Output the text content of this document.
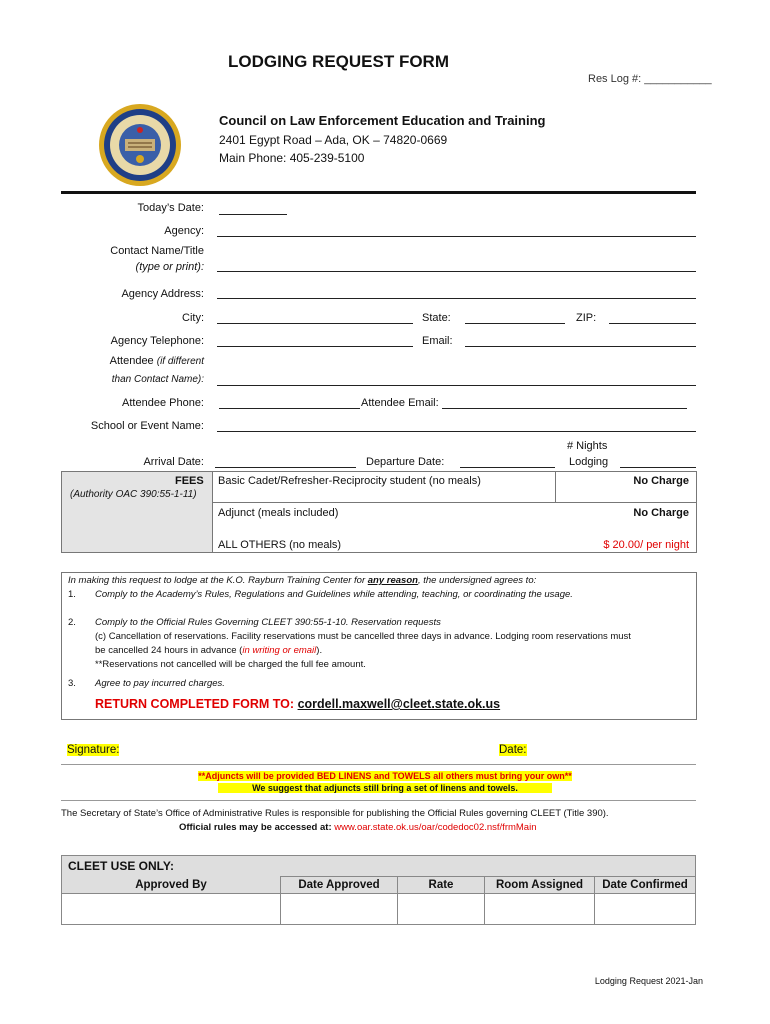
LODGING REQUEST FORM
Res Log #: ___________
Council on Law Enforcement Education and Training
2401 Egypt Road – Ada, OK – 74820-0669
Main Phone: 405-239-5100
Today’s Date: ____
Agency:
Contact Name/Title
(type or print):
Agency Address:
City:	State:	ZIP:
Agency Telephone:	Email:
Attendee (if different
than Contact Name):
Attendee Phone:	Attendee Email:
School or Event Name:
# Nights
Arrival Date:	Departure Date:	Lodging
FEES
(Authority OAC 390:55-1-11)
Basic Cadet/Refresher-Reciprocity student (no meals)	No Charge
Adjunct (meals included)	No Charge
ALL OTHERS (no meals)	$ 20.00/ per night
In making this request to lodge at the K.O. Rayburn Training Center for any reason, the undersigned agrees to:
1. Comply to the Academy’s Rules, Regulations and Guidelines while attending, teaching, or coordinating the usage.
2. Comply to the Official Rules Governing CLEET 390:55-1-10. Reservation requests
(c) Cancellation of reservations. Facility reservations must be cancelled three days in advance. Lodging room reservations must
be cancelled 24 hours in advance (in writing or email).
**Reservations not cancelled will be charged the full fee amount.
3. Agree to pay incurred charges.
RETURN COMPLETED FORM TO: cordell.maxwell@cleet.state.ok.us
Signature:	Date:
**Adjuncts will be provided BED LINENS and TOWELS all others must bring your own**
We suggest that adjuncts still bring a set of linens and towels.
The Secretary of State’s Office of Administrative Rules is responsible for publishing the Official Rules governing CLEET (Title 390).
Official rules may be accessed at: www.oar.state.ok.us/oar/codedoc02.nsf/frmMain
CLEET USE ONLY:				
Approved By	Date Approved	Rate	Room Assigned	Date Confirmed

Lodging Request 2021-Jan
